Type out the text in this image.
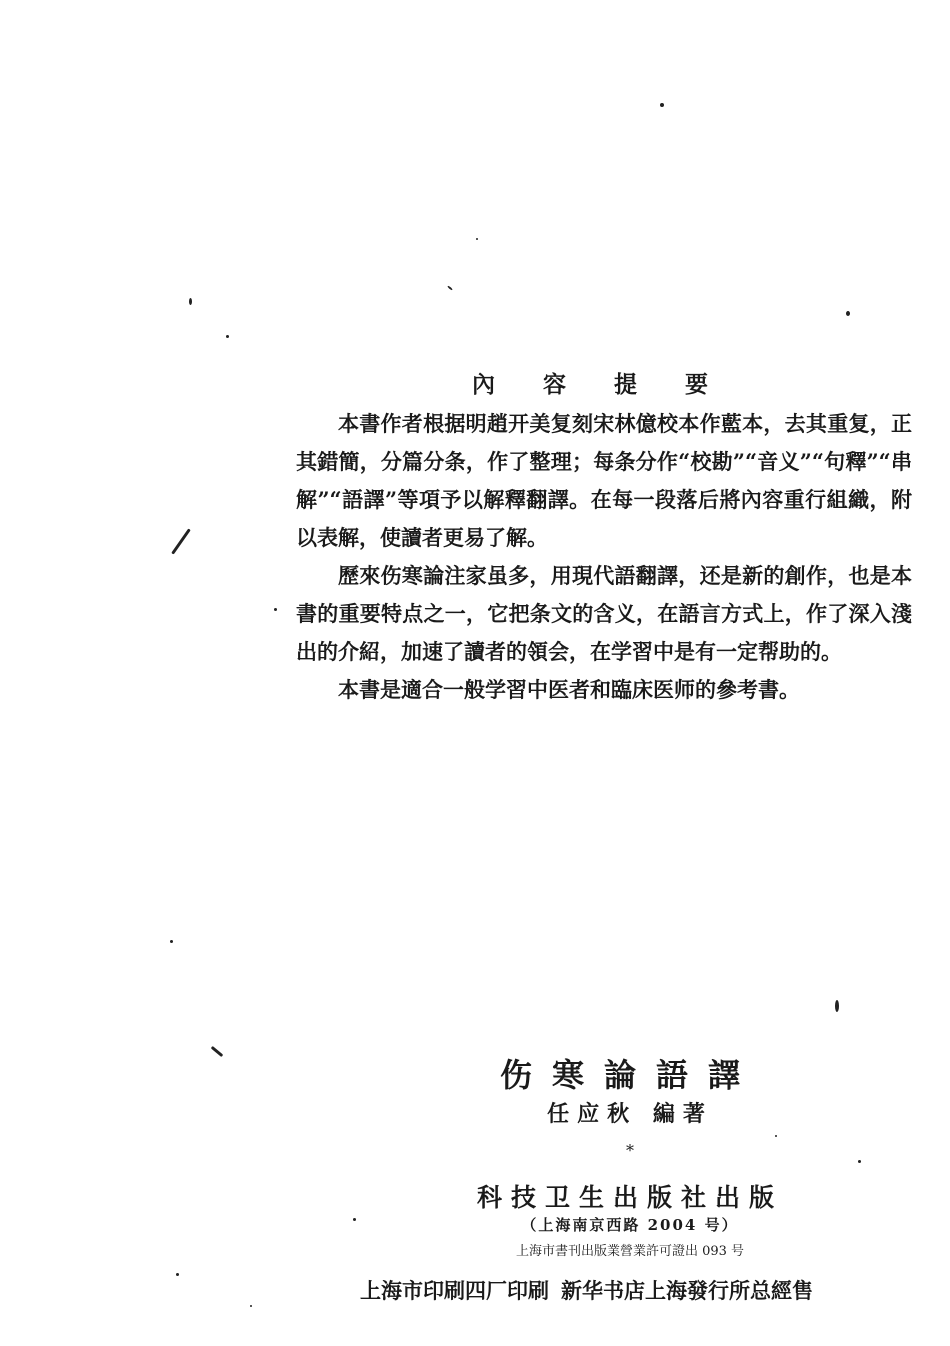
內 容 提 要

本書作者根据明趙开美复刻宋林億校本作藍本，去其重复，正其錯簡，分篇分条，作了整理；每条分作“校勘”“音义”“句釋”“串解”“語譯”等項予以解釋翻譯。在每一段落后將內容重行組織，附以表解，使讀者更易了解。

歷來伤寒論注家虽多，用現代語翻譯，还是新的創作，也是本書的重要特点之一，它把条文的含义，在語言方式上，作了深入淺出的介紹，加速了讀者的領会，在学習中是有一定帮助的。

本書是適合一般学習中医者和臨床医师的參考書。

伤寒論語譯
任应秋 編著
*
科技卫生出版社出版
（上海南京西路 2004 号）
上海市書刊出版業營業許可證出 093 号
上海市印刷四厂印刷 新华书店上海發行所总經售
